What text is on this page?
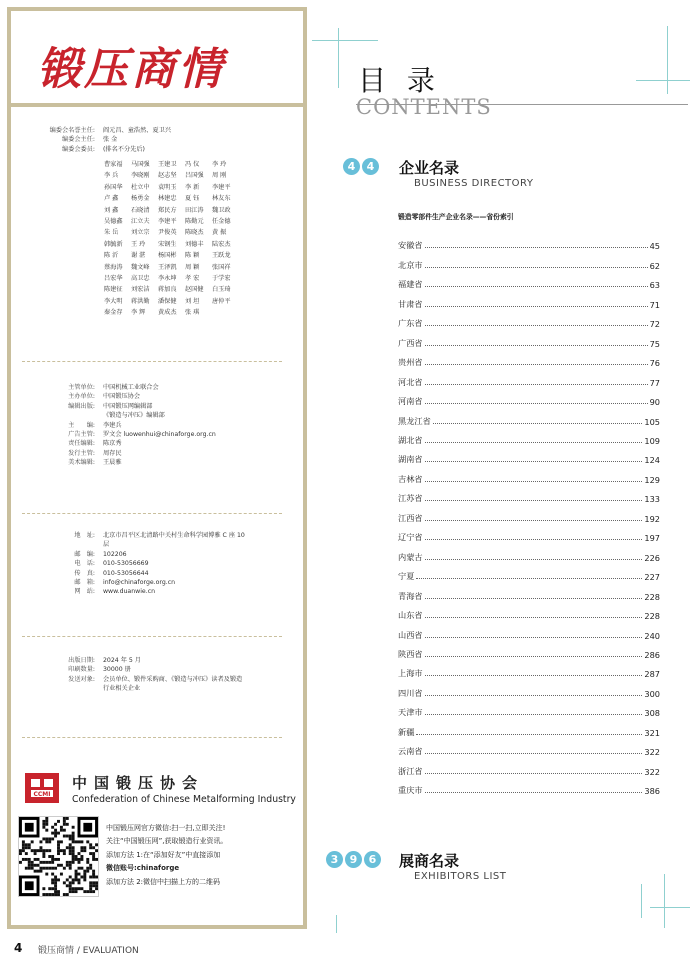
锻压商情
编委会名誉主任:	阎元昌、童浩然、夏卫兴
编委会主任:	张 金
编委会委员:	(排名不分先后)
曹家福	马国强	王建卫	冯 仪	李 玲
李 兵	李晓刚	赵志坚	吕国强	周 刚
孙国华	杜立中	袁明玉	李 新	李建平
卢 鑫	杨勇金	林建忠	夏 钰	林友东
刘 鑫	石晓清	郑民方	田江涛	魏卫政
吴德鑫	江立夫	李建平	陈勤元	任金德
朱 岳	刘立宗	尹俊英	陈晓杰	黄 振
韩毓新	王 玲	宋钢生	刘德丰	陆宏杰
陈 沂	谢 湛	杨国彬	陈 颖	王跃龙
蔡海涛	魏文峰	王泽凯	周 颖	张国祥
吕宏华	高卫忠	李永坤	孝 宏	于学宏
陈建征	刘宏洁	蒋加良	赵国健	白玉琦
李大明	蒋洪勤	潘保健	刘 坦	唐仲平
秦金存	李 辉	黄成杰	张 琪
主管单位:	中国机械工业联合会
主办单位:	中国锻压协会
编辑出版:	中国锻压网编辑部
《锻造与冲压》编辑部
主　　编:	李建兵
广告主管:	罗文会 luowenhui@chinaforge.org.cn
责任编辑:	陈京秀
发行主管:	周存民
美术编辑:	王晨雅
地　址:	北京市昌平区北清路中关村生命科学园博雅 C 座 10
层
邮　编:	102206
电　话:	010-53056669
传　真:	010-53056644
邮　箱:	info@chinaforge.org.cn
网　站:	www.duanwie.cn
出版日期:	2024 年 5 月
印刷数量:	30000 册
发送对象:	会员单位、锻件采购商、《锻造与冲压》读者及锻造
行业相关企业
CCMI
中国锻压协会
Confederation of Chinese Metalforming Industry
中国锻压网官方微信:扫一扫,立即关注!
关注“中国锻压网”,获取锻造行业资讯。
添加方法 1:在“添加好友”中直接添加
微信账号:chinaforge
添加方法 2:微信中扫描上方的二维码
目 录
CONTENTS
4	4	企业名录
BUSINESS DIRECTORY
锻造零部件生产企业名录——省份索引
安徽省	45
北京市	62
福建省	63
甘肃省	71
广东省	72
广西省	75
贵州省	76
河北省	77
河南省	90
黑龙江省	105
湖北省	109
湖南省	124
吉林省	129
江苏省	133
江西省	192
辽宁省	197
内蒙古	226
宁夏	227
青海省	228
山东省	228
山西省	240
陕西省	286
上海市	287
四川省	300
天津市	308
新疆	321
云南省	322
浙江省	322
重庆市	386
3	9	6	展商名录
EXHIBITORS LIST
4 锻压商情 / EVALUATION
